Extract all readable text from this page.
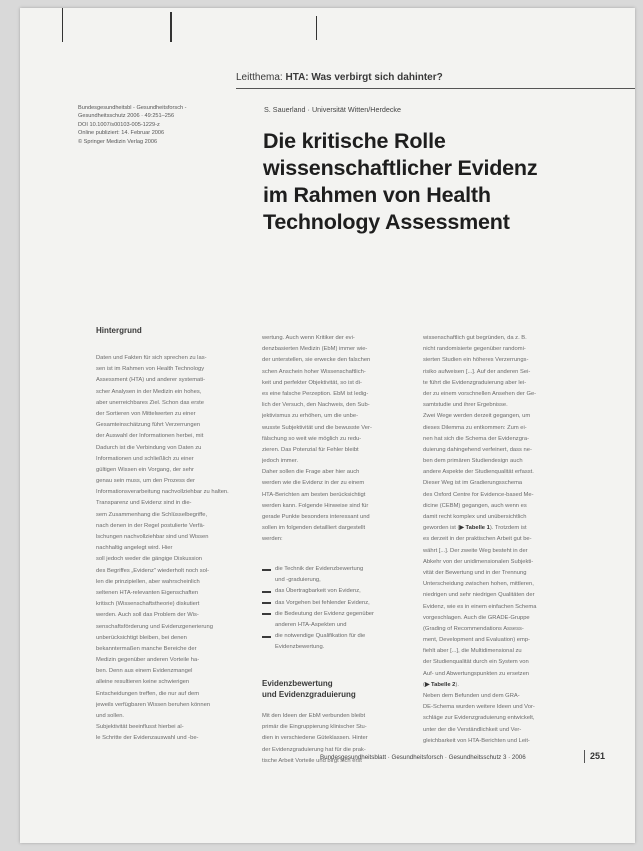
Leitthema: HTA: Was verbirgt sich dahinter?
Bundesgesundheitsbl - Gesundheitsforsch -
Gesundheitsschutz 2006 · 49:251–256
DOI 10.1007/s00103-005-1229-z
Online publiziert: 14. Februar 2006
© Springer Medizin Verlag 2006
S. Sauerland · Universität Witten/Herdecke
Die kritische Rolle
wissenschaftlicher Evidenz
im Rahmen von Health
Technology Assessment
Hintergrund
Daten und Fakten für sich sprechen zu las-
sen ist im Rahmen von Health Technology
Assessment (HTA) und anderer systemati-
scher Analysen in der Medizin ein hohes,
aber unerreichbares Ziel. Schon das erste
der Sortieren von Mittelwerten zu einer
Gesamteinschätzung führt Verzerrungen
der Auswahl der Informationen herbei, mit
Dadurch ist die Verbindung von Daten zu
Informationen und schließlich zu einer
gültigen Wissen ein Vorgang, der sehr
genau sein muss, um den Prozess der
Informationsverarbeitung nachvollziehbar zu halten.
Transparenz und Evidenz sind in die-
sem Zusammenhang die Schlüsselbegriffe,
nach denen in der Regel postulierte Verfä-
lschungen nachvollziehbar sind und Wissen
nachhaltig angelegt wird. Hier
soll jedoch weder die gängige Diskussion
des Begriffes „Evidenz" wiederholt noch sol-
len die prinzipiellen, aber wahrscheinlich
seltenen HTA-relevanten Eigenschaften
kritisch (Wissenschaftstheorie) diskutiert
werden. Auch soll das Problem der Wis-
senschaftsförderung und Evidenzgenerierung
unberücksichtigt bleiben, bei denen
bekanntermaßen manche Bereiche der
Medizin gegenüber anderen Vorteile ha-
ben. Denn aus einem Evidenzmangel
alleine resultieren keine schwierigen
Entscheidungen treffen, die nur auf dem
jeweils verfügbaren Wissen beruhen können
und sollen.
Subjektivität beeinflusst hierbei al-
le Schritte der Evidenzauswahl und -be-
wertung. Auch wenn Kritiker der evi-
denzbasierten Medizin (EbM) immer wie-
der unterstellen, sie erwecke den falschen
schen Anschein hoher Wissenschaftlich-
keit und perfekter Objektivität, so ist di-
es eine falsche Perzeption. EbM ist ledig-
lich der Versuch, den Nachweis, den Sub-
jektivismus zu erhöhen, um die unbe-
wusste Subjektivität und die bewusste Ver-
fälschung so weit wie möglich zu redu-
zieren. Das Potenzial für Fehler bleibt
jedoch immer.
Daher sollen die Frage aber hier auch
werden wie die Evidenz in der zu einem
HTA-Berichten am besten berücksichtigt
werden kann. Folgende Hinweise sind für
gerade Punkte besonders interessant und
sollen im folgenden detailliert dargestellt
werden:
die Technik der Evidenzbewertung
und -graduierung,
das Übertragbarkeit von Evidenz,
das Vorgehen bei fehlender Evidenz,
die Bedeutung der Evidenz gegenüber
anderen HTA-Aspekten und
die notwendige Qualifikation für die
Evidenzbewertung.
Evidenzbewertung
und Evidenzgraduierung
Mit den Ideen der EbM verbunden bleibt
primär die Eingruppierung klinischer Stu-
dien in verschiedene Güteklassen. Hinter
der Evidenzgraduierung hat für die prak-
tische Arbeit Vorteile und birgt sich erst
wissenschaftlich gut begründen, da z. B.
nicht randomisierte gegenüber randomi-
sierten Studien ein höheres Verzerrungs-
risiko aufweisen [...]. Auf der anderen Sei-
te führt die Evidenzgraduierung aber lei-
der zu einem vorschnellen Ansehen der Ge-
samtstudie und ihrer Ergebnisse.
Zwei Wege werden derzeit gegangen, um
dieses Dilemma zu entkommen: Zum ei-
nen hat sich die Schema der Evidenzgra-
duierung dahingehend verfeinert, dass ne-
ben dem primären Studiendesign auch
andere Aspekte der Studienqualität erfasst.
Dieser Weg ist im Gradierungsschema
des Oxford Centre for Evidence-based Me-
dicine (CEBM) gegangen, auch wenn es
damit recht komplex und unübersichtlich
geworden ist (▶ Tabelle 1). Trotzdem ist
es derzeit in der praktischen Arbeit gut be-
währt [...]. Der zweite Weg besteht in der
Abkehr von der unidimensionalen Subjekti-
vität der Bewertung und in der Trennung
Unterscheidung zwischen hohen, mittleren,
niedrigen und sehr niedrigen Qualitäten der
Evidenz, wie es in einem einfachen Schema
vorgeschlagen. Auch die GRADE-Gruppe
(Grading of Recommendations Assess-
ment, Development and Evaluation) emp-
fiehlt aber [...], die Multidimensional zu
der Studienqualität durch ein System von
Auf- und Abwertungspunkten zu ersetzen
(▶ Tabelle 2).
Neben dem Befunden und dem GRA-
DE-Schema wurden weitere Ideen und Vor-
schläge zur Evidenzgraduierung entwickelt,
unter der die Verständlichkeit und Ver-
gleichbarkeit von HTA-Berichten und Leit-
Bundesgesundheitsblatt · Gesundheitsforsch · Gesundheitsschutz 3 · 2006	251
